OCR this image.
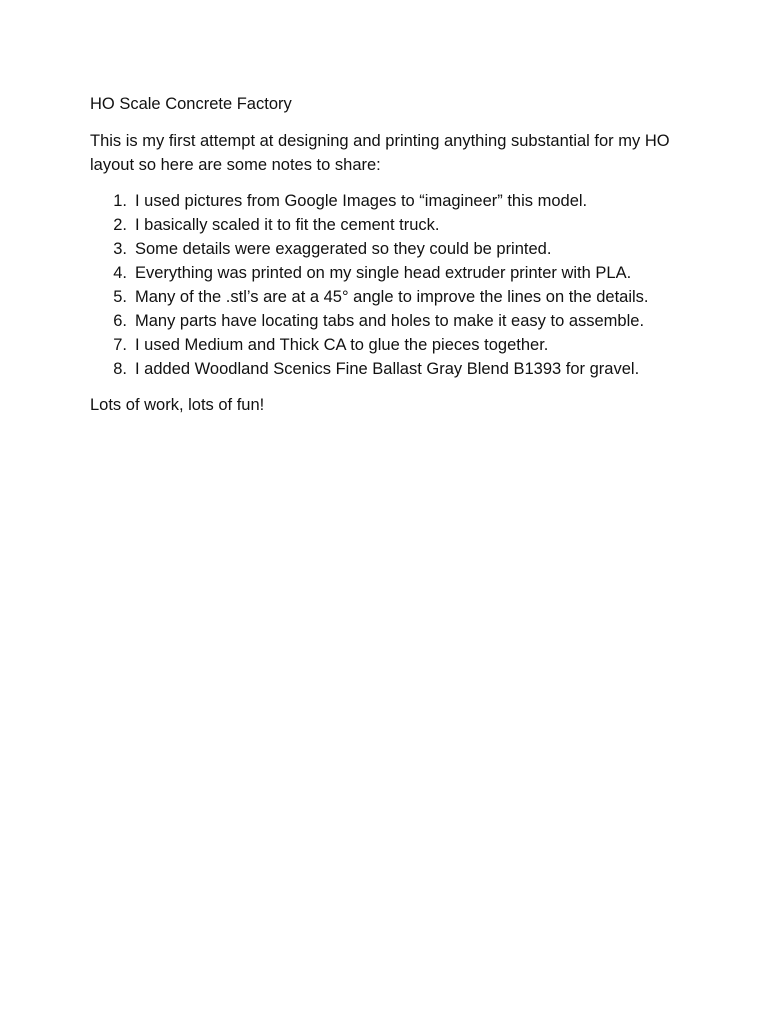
HO Scale Concrete Factory

This is my first attempt at designing and printing anything substantial for my HO layout so here are some notes to share:

1. I used pictures from Google Images to “imagineer” this model.
2. I basically scaled it to fit the cement truck.
3. Some details were exaggerated so they could be printed.
4. Everything was printed on my single head extruder printer with PLA.
5. Many of the .stl’s are at a 45° angle to improve the lines on the details.
6. Many parts have locating tabs and holes to make it easy to assemble.
7. I used Medium and Thick CA to glue the pieces together.
8. I added Woodland Scenics Fine Ballast Gray Blend B1393 for gravel.

Lots of work, lots of fun!
